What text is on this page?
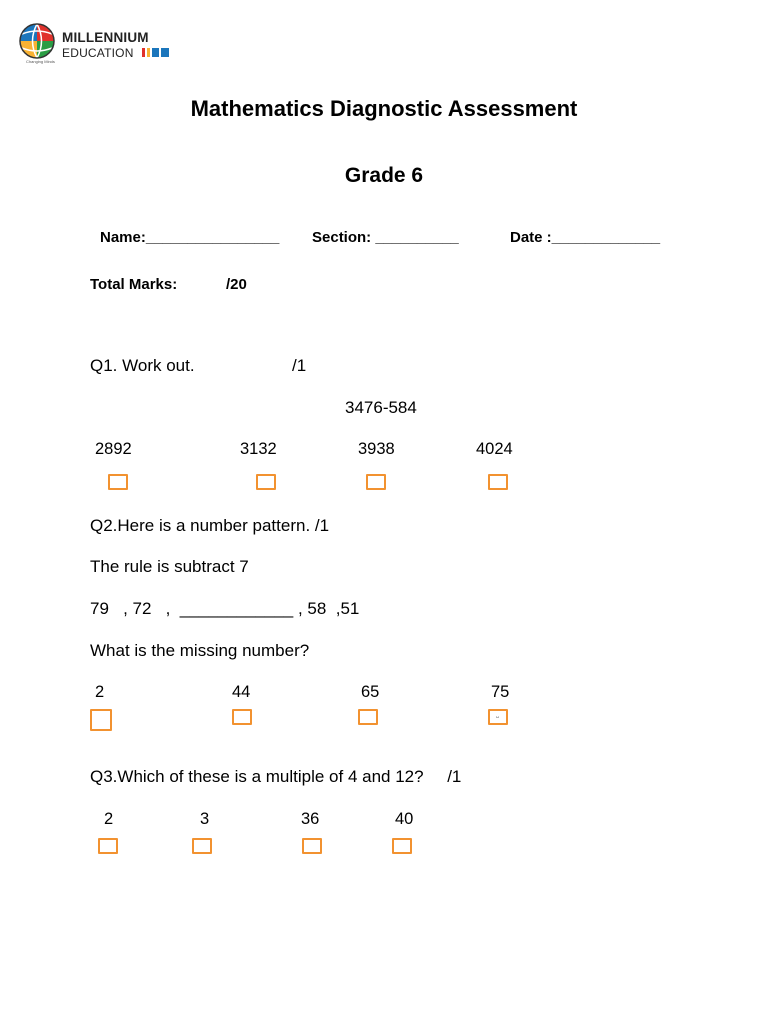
MILLENNIUM
EDUCATION
Changing Minds
Mathematics Diagnostic Assessment
Grade 6
Name:________________ Section: __________	Date :_____________
Total Marks:	/20
Q1. Work out.	/1
3476-584
2892	3132	3938	4024
Q2.Here is a number pattern. /1
The rule is subtract 7
79   , 72   ,  ____________ , 58  ,51
What is the missing number?
2	44	65	75
ᵕ
Q3.Which of these is a multiple of 4 and 12?     /1
2	3	36	40
